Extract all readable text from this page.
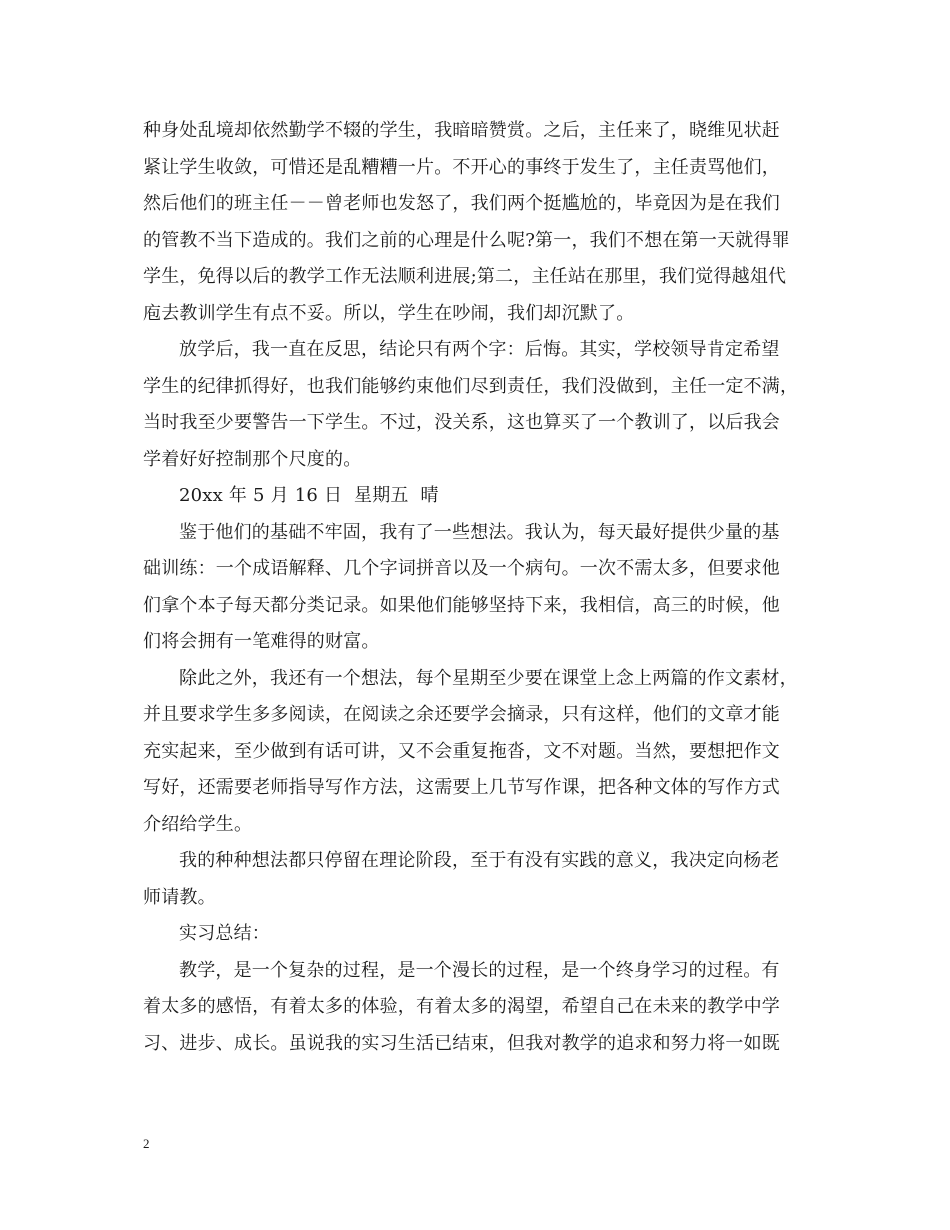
种身处乱境却依然勤学不辍的学生，我暗暗赞赏。之后，主任来了，晓维见状赶
紧让学生收敛，可惜还是乱糟糟一片。不开心的事终于发生了，主任责骂他们，
然后他们的班主任－－曾老师也发怒了，我们两个挺尴尬的，毕竟因为是在我们
的管教不当下造成的。我们之前的心理是什么呢?第一，我们不想在第一天就得罪
学生，免得以后的教学工作无法顺利进展;第二，主任站在那里，我们觉得越俎代
庖去教训学生有点不妥。所以，学生在吵闹，我们却沉默了。
放学后，我一直在反思，结论只有两个字：后悔。其实，学校领导肯定希望
学生的纪律抓得好，也我们能够约束他们尽到责任，我们没做到，主任一定不满，
当时我至少要警告一下学生。不过，没关系，这也算买了一个教训了，以后我会
学着好好控制那个尺度的。
20xx 年 5 月 16 日  星期五  晴
鉴于他们的基础不牢固，我有了一些想法。我认为，每天最好提供少量的基
础训练：一个成语解释、几个字词拼音以及一个病句。一次不需太多，但要求他
们拿个本子每天都分类记录。如果他们能够坚持下来，我相信，高三的时候，他
们将会拥有一笔难得的财富。
除此之外，我还有一个想法，每个星期至少要在课堂上念上两篇的作文素材，
并且要求学生多多阅读，在阅读之余还要学会摘录，只有这样，他们的文章才能
充实起来，至少做到有话可讲，又不会重复拖沓，文不对题。当然，要想把作文
写好，还需要老师指导写作方法，这需要上几节写作课，把各种文体的写作方式
介绍给学生。
我的种种想法都只停留在理论阶段，至于有没有实践的意义，我决定向杨老
师请教。
实习总结：
教学，是一个复杂的过程，是一个漫长的过程，是一个终身学习的过程。有
着太多的感悟，有着太多的体验，有着太多的渴望，希望自己在未来的教学中学
习、进步、成长。虽说我的实习生活已结束，但我对教学的追求和努力将一如既
2
